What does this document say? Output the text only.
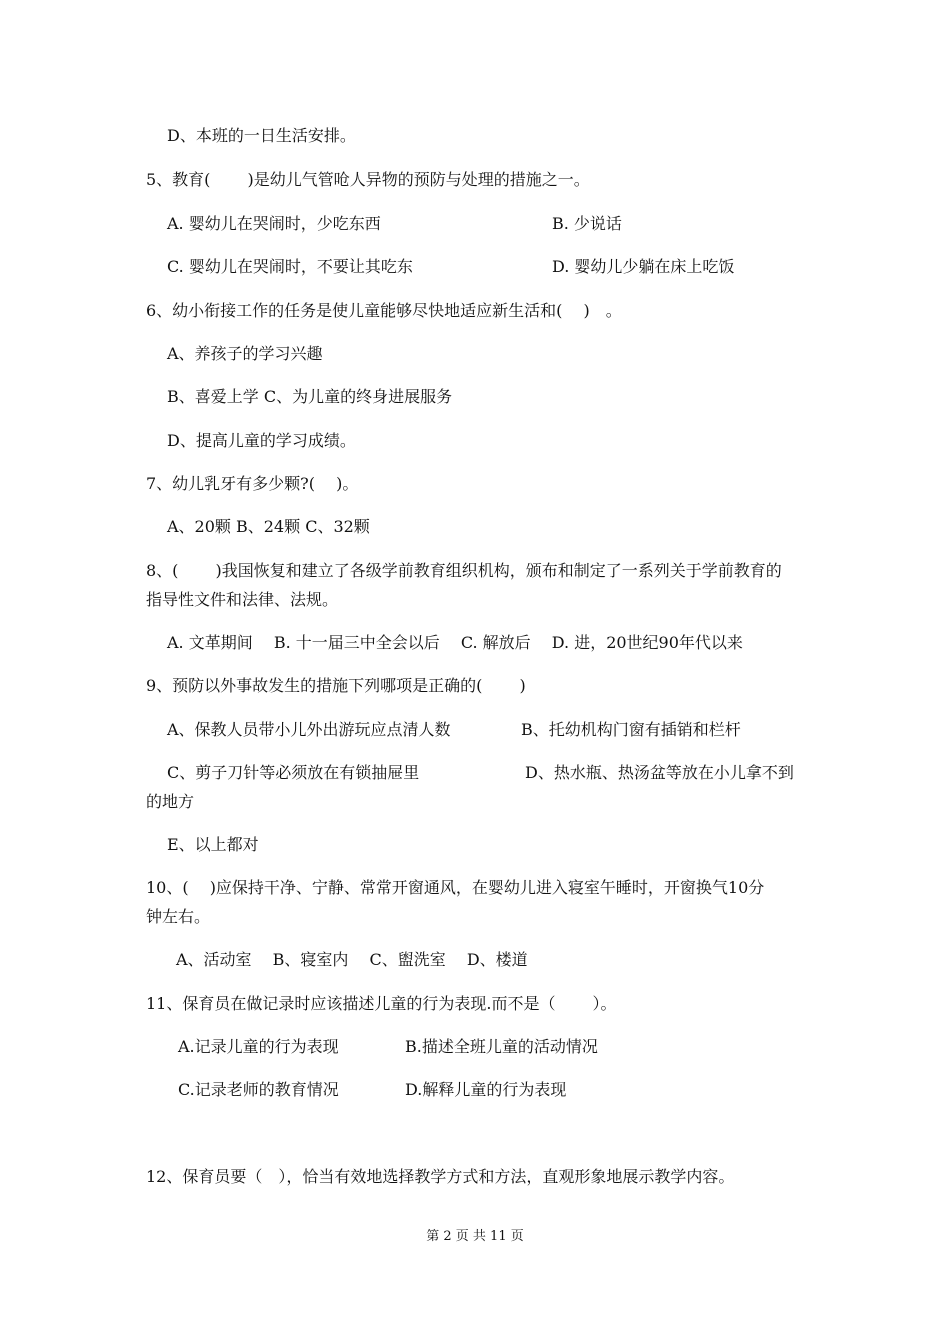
D、本班的一日生活安排。
5、教育(　 　)是幼儿气管呛人异物的预防与处理的措施之一。
A. 婴幼儿在哭闹时，少吃东西	B. 少说话
C. 婴幼儿在哭闹时，不要让其吃东	D. 婴幼儿少躺在床上吃饭
6、幼小衔接工作的任务是使儿童能够尽快地适应新生活和(　 )　。
A、养孩子的学习兴趣
B、喜爱上学 C、为儿童的终身进展服务
D、提高儿童的学习成绩。
7、幼儿乳牙有多少颗?(　 )。
A、20颗 B、24颗 C、32颗
8、(　 　)我国恢复和建立了各级学前教育组织机构，颁布和制定了一系列关于学前教育的
指导性文件和法律、法规。
A. 文革期间　 B. 十一届三中全会以后　 C. 解放后　 D. 进，20世纪90年代以来
9、预防以外事故发生的措施下列哪项是正确的(　 　)
A、保教人员带小儿外出游玩应点清人数	B、托幼机构门窗有插销和栏杆
C、剪子刀针等必须放在有锁抽屉里	D、热水瓶、热汤盆等放在小儿拿不到
的地方
E、以上都对
10、(　 )应保持干净、宁静、常常开窗通风，在婴幼儿进入寝室午睡时，开窗换气10分
钟左右。
A、活动室　 B、寝室内　 C、盥洗室　 D、楼道
11、保育员在做记录时应该描述儿童的行为表现.而不是（　 　）。
A.记录儿童的行为表现	B.描述全班儿童的活动情况
C.记录老师的教育情况	D.解释儿童的行为表现
12、保育员要（　），恰当有效地选择教学方式和方法，直观形象地展示教学内容。
第 2 页 共 11 页
